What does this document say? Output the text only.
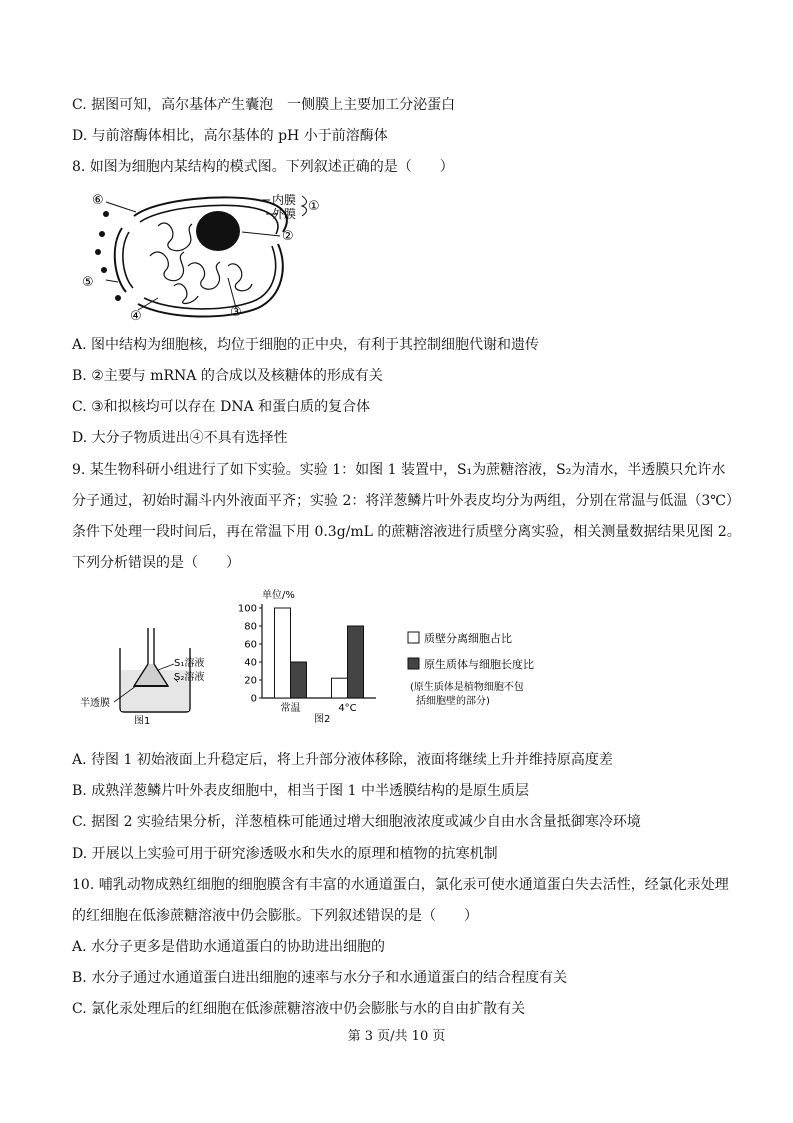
C. 据图可知，高尔基体产生囊泡　一侧膜上主要加工分泌蛋白
D. 与前溶酶体相比，高尔基体的 pH 小于前溶酶体
8. 如图为细胞内某结构的模式图。下列叙述正确的是（　　）
内膜
外膜 ①
②
③
④
⑤
⑥
A. 图中结构为细胞核，均位于细胞的正中央，有利于其控制细胞代谢和遗传
B. ②主要与 mRNA 的合成以及核糖体的形成有关
C. ③和拟核均可以存在 DNA 和蛋白质的复合体
D. 大分子物质进出④不具有选择性
9. 某生物科研小组进行了如下实验。实验 1：如图 1 装置中，S₁为蔗糖溶液，S₂为清水，半透膜只允许水
分子通过，初始时漏斗内外液面平齐；实验 2：将洋葱鳞片叶外表皮均分为两组，分别在常温与低温（3℃）
条件下处理一段时间后，再在常温下用 0.3g/mL 的蔗糖溶液进行质壁分离实验，相关测量数据结果见图 2。
下列分析错误的是（　　）
S₁溶液
S₂溶液
半透膜
图1
单位/%
0
20
40
60
80
100
常温	4°C
质壁分离细胞占比
原生质体与细胞长度比
(原生质体是植物细胞不包
括细胞壁的部分)
图2
A. 待图 1 初始液面上升稳定后，将上升部分液体移除，液面将继续上升并维持原高度差
B. 成熟洋葱鳞片叶外表皮细胞中，相当于图 1 中半透膜结构的是原生质层
C. 据图 2 实验结果分析，洋葱植株可能通过增大细胞液浓度或减少自由水含量抵御寒冷环境
D. 开展以上实验可用于研究渗透吸水和失水的原理和植物的抗寒机制
10. 哺乳动物成熟红细胞的细胞膜含有丰富的水通道蛋白，氯化汞可使水通道蛋白失去活性，经氯化汞处理
的红细胞在低渗蔗糖溶液中仍会膨胀。下列叙述错误的是（　　）
A. 水分子更多是借助水通道蛋白的协助进出细胞的
B. 水分子通过水通道蛋白进出细胞的速率与水分子和水通道蛋白的结合程度有关
C. 氯化汞处理后的红细胞在低渗蔗糖溶液中仍会膨胀与水的自由扩散有关
第 3 页/共 10 页
